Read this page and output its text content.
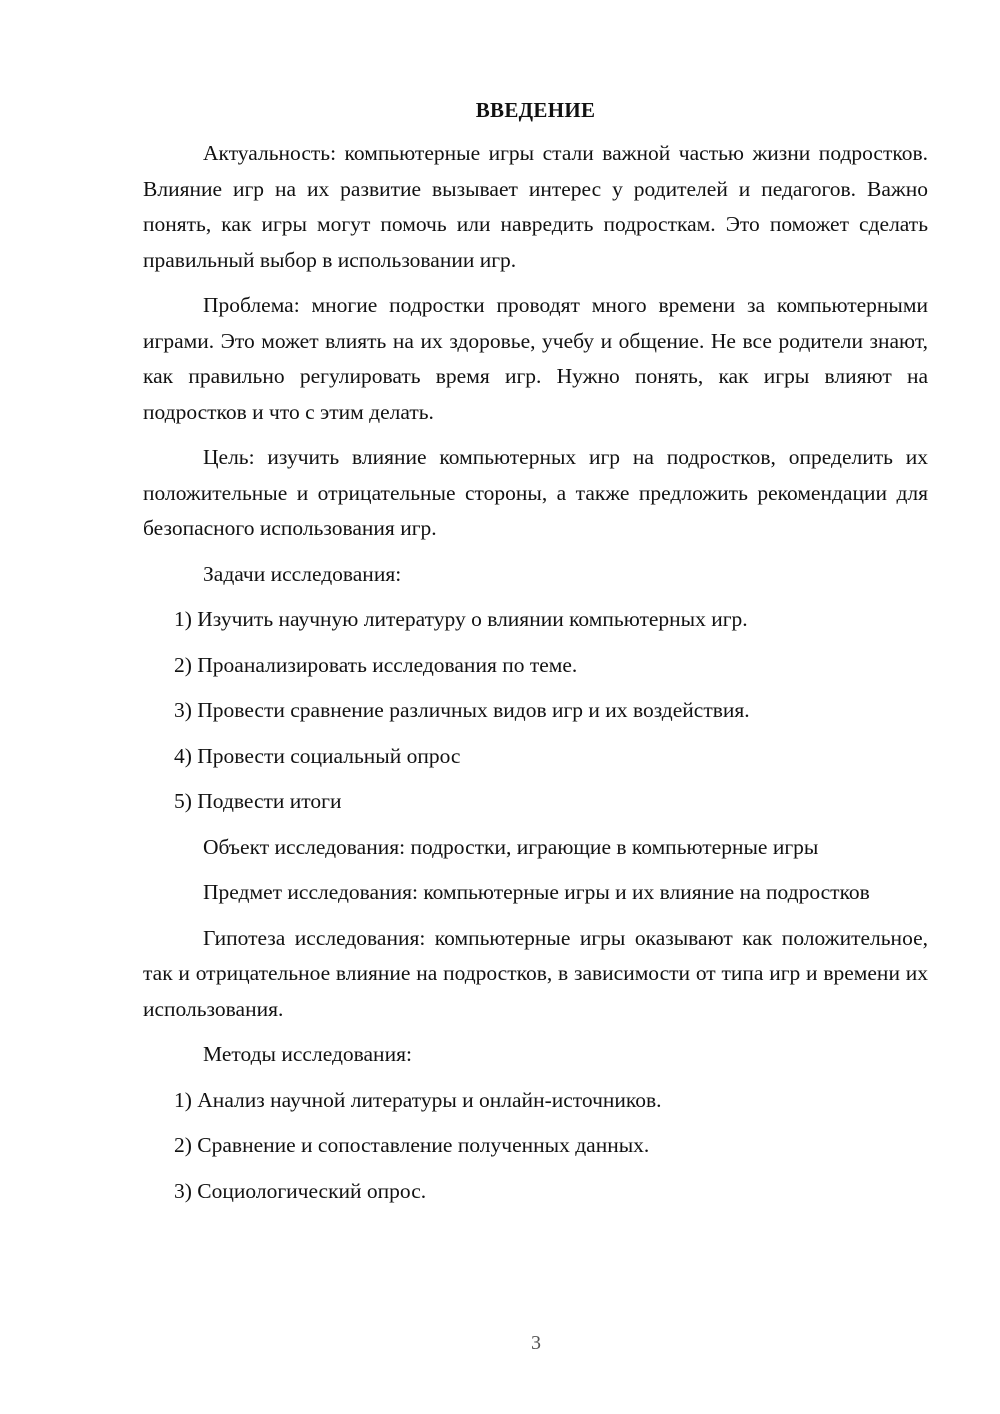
ВВЕДЕНИЕ

Актуальность: компьютерные игры стали важной частью жизни подростков. Влияние игр на их развитие вызывает интерес у родителей и педагогов. Важно понять, как игры могут помочь или навредить подросткам. Это поможет сделать правильный выбор в использовании игр.

Проблема: многие подростки проводят много времени за компьютерными играми. Это может влиять на их здоровье, учебу и общение. Не все родители знают, как правильно регулировать время игр. Нужно понять, как игры влияют на подростков и что с этим делать.

Цель: изучить влияние компьютерных игр на подростков, определить их положительные и отрицательные стороны, а также предложить рекомендации для безопасного использования игр.

Задачи исследования:
1) Изучить научную литературу о влиянии компьютерных игр.
2) Проанализировать исследования по теме.
3) Провести сравнение различных видов игр и их воздействия.
4) Провести социальный опрос
5) Подвести итоги

Объект исследования: подростки, играющие в компьютерные игры

Предмет исследования: компьютерные игры и их влияние на подростков

Гипотеза исследования: компьютерные игры оказывают как положительное, так и отрицательное влияние на подростков, в зависимости от типа игр и времени их использования.

Методы исследования:
1) Анализ научной литературы и онлайн-источников.
2) Сравнение и сопоставление полученных данных.
3) Социологический опрос.
3
